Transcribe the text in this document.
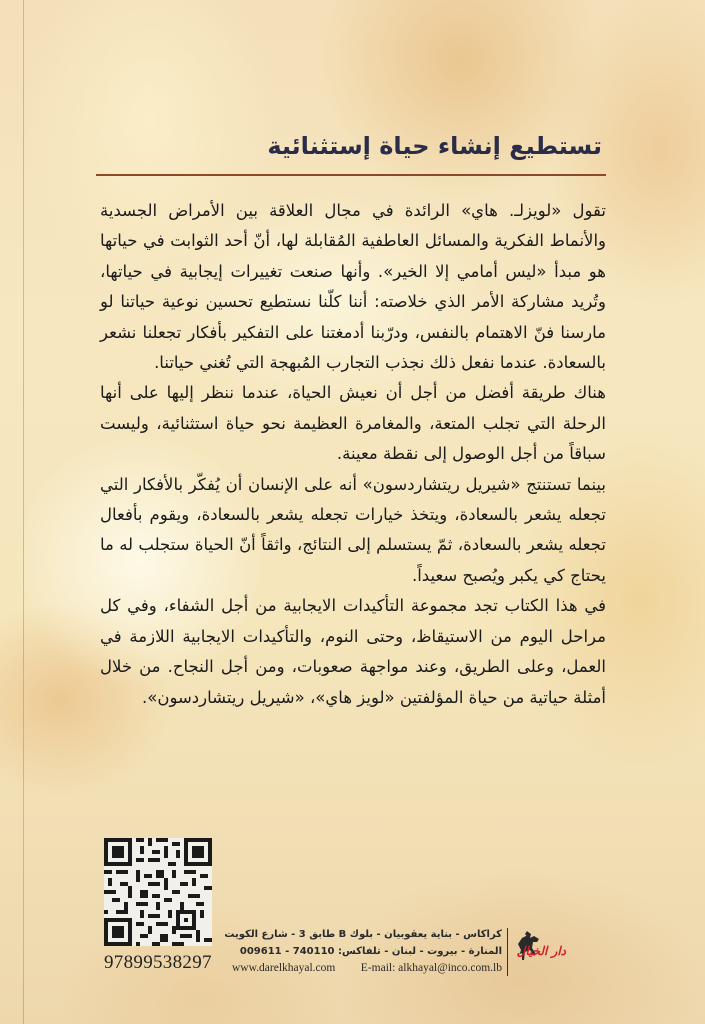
تستطيع إنشاء حياة إستثنائية

تقول «لويزلـ. هاي» الرائدة في مجال العلاقة بين الأمراض الجسدية والأنماط الفكرية والمسائل العاطفية المُقابلة لها، أنّ أحد الثوابت في حياتها هو مبدأ «ليس أمامي إلا الخير». وأنها صنعت تغييرات إيجابية في حياتها، وتُريد مشاركة الأمر الذي خلاصته: أننا كلّنا نستطيع تحسين نوعية حياتنا لو مارسنا فنّ الاهتمام بالنفس، ودرّبنا أدمغتنا على التفكير بأفكار تجعلنا نشعر بالسعادة. عندما نفعل ذلك نجذب التجارب المُبهجة التي تُغني حياتنا.

هناك طريقة أفضل من أجل أن نعيش الحياة، عندما ننظر إليها على أنها الرحلة التي تجلب المتعة، والمغامرة العظيمة نحو حياة استثنائية، وليست سباقاً من أجل الوصول إلى نقطة معينة.

بينما تستنتج «شيريل ريتشاردسون» أنه على الإنسان أن يُفكّر بالأفكار التي تجعله يشعر بالسعادة، ويتخذ خيارات تجعله يشعر بالسعادة، ويقوم بأفعال تجعله يشعر بالسعادة، ثمّ يستسلم إلى النتائج، واثقاً أنّ الحياة ستجلب له ما يحتاج كي يكبر ويُصبح سعيداً.

في هذا الكتاب تجد مجموعة التأكيدات الايجابية من أجل الشفاء، وفي كل مراحل اليوم من الاستيقاظ، وحتى النوم، والتأكيدات الايجابية اللازمة في العمل، وعلى الطريق، وعند مواجهة صعوبات، ومن أجل النجاح. من خلال أمثلة حياتية من حياة المؤلفتين «لويز هاي»، «شيريل ريتشاردسون».

97899538297
كراكاس - بناية يعقوبيان - بلوك B طابق 3 - شارع الكويت
المنارة - بيروت - لبنان - تلفاكس: 740110 - 009611
www.darelkhayal.com E-mail: alkhayal@inco.com.lb
دار الخيال
